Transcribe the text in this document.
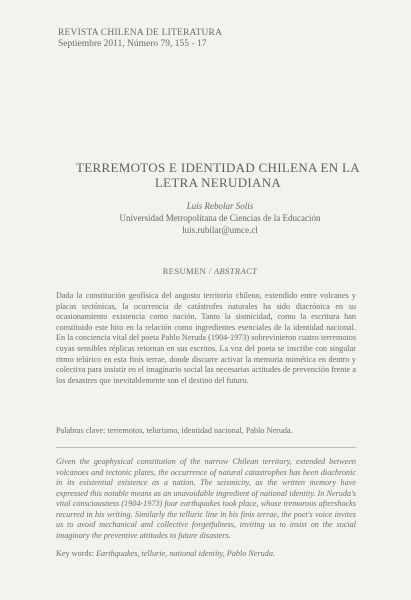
REVISTA CHILENA DE LITERATURA
Septiembre 2011, Número 79, 155 - 17
TERREMOTOS E IDENTIDAD CHILENA EN LA LETRA NERUDIANA
Luis Rebolar Solís
Universidad Metropolitana de Ciencias de la Educación
luis.rubilar@umce.cl
RESUMEN / ABSTRACT
Dada la constitución geofísica del angosto territorio chileno, extendido entre volcanes y placas tectónicas, la ocurrencia de catástrofes naturales ha sido diacrónica en su ocasionamiento existencia como nación. Tanto la sismicidad, como la escritura han constituido este hito en la relación como ingredientes esenciales de la identidad nacional. En la conciencia vital del poeta Pablo Neruda (1904-1973) sobrevinieron cuatro terremotos cuyas sensibles réplicas retornan en sus escritos. La voz del poeta se inscribe con singular ritmo telúrico en esta finis terrae, donde discurre activar la memoria mimética en dentro y colectiva para insistir en el imaginario social las necesarias actitudes de prevención frente a los desastres que inevitablemente son el destino del futuro.
Palabras clave: terremotos, telurismo, identidad nacional, Pablo Neruda.
Given the geophysical constitution of the narrow Chilean territory, extended between volcanoes and tectonic plates, the occurrence of natural catastrophes has been diachronic in its existential existence as a nation. The seismicity, as the written memory have expressed this notable means as an unavoidable ingredient of national identity. In Neruda's vital consciousness (1904-1973) four earthquakes took place, whose tremorous aftershocks recurred in his writing. Similarly the telluric line in his finis terrae, the poet's voice invites us to avoid mechanical and collective forgetfulness, inviting us to insist on the social imaginary the preventive attitudes to future disasters.
Key words: Earthquakes, tellurie, national identity, Pablo Neruda.
